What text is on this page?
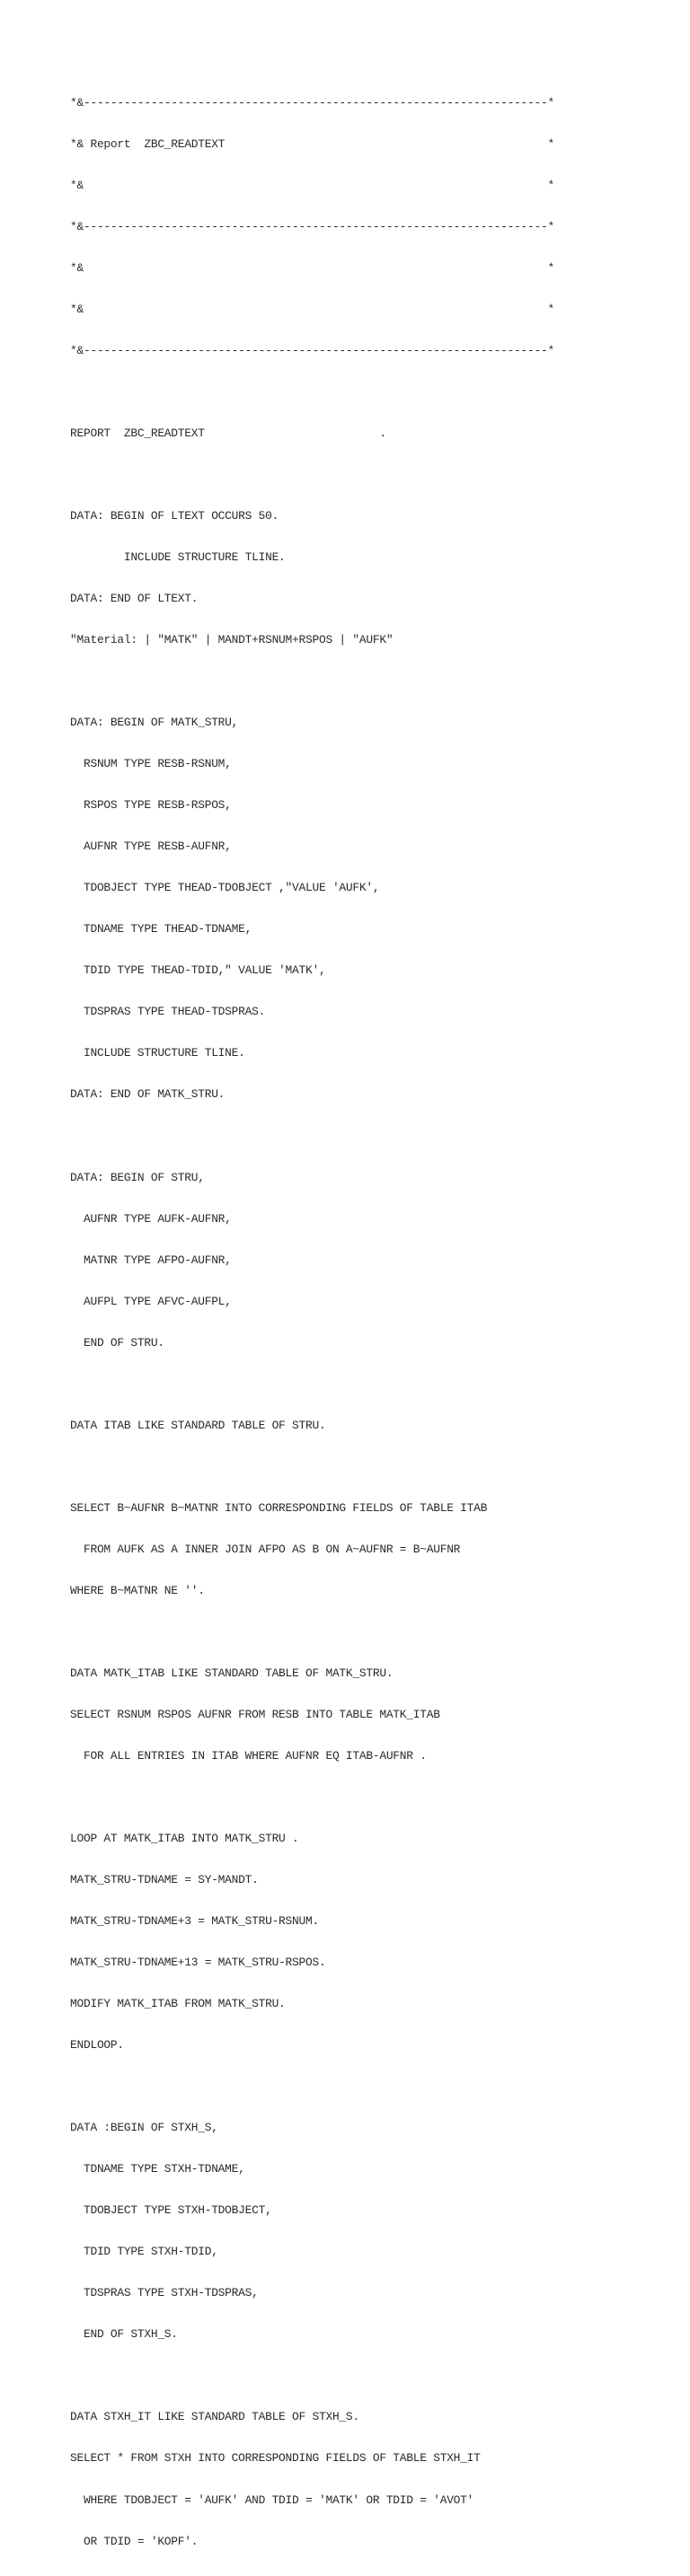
*&---------------------------------------------------------------------*

*& Report  ZBC_READTEXT                                                *

*&                                                                     *

*&---------------------------------------------------------------------*

*&                                                                     *

*&                                                                     *

*&---------------------------------------------------------------------*

REPORT  ZBC_READTEXT                          .

DATA: BEGIN OF LTEXT OCCURS 50.

INCLUDE STRUCTURE TLINE.

DATA: END OF LTEXT.

"Material: | "MATK" | MANDT+RSNUM+RSPOS | "AUFK"

DATA: BEGIN OF MATK_STRU,

RSNUM TYPE RESB-RSNUM,

RSPOS TYPE RESB-RSPOS,

AUFNR TYPE RESB-AUFNR,

TDOBJECT TYPE THEAD-TDOBJECT ,"VALUE 'AUFK',

TDNAME TYPE THEAD-TDNAME,

TDID TYPE THEAD-TDID," VALUE 'MATK',

TDSPRAS TYPE THEAD-TDSPRAS.

INCLUDE STRUCTURE TLINE.

DATA: END OF MATK_STRU.

DATA: BEGIN OF STRU,

AUFNR TYPE AUFK-AUFNR,

MATNR TYPE AFPO-AUFNR,

AUFPL TYPE AFVC-AUFPL,

END OF STRU.

DATA ITAB LIKE STANDARD TABLE OF STRU.

SELECT B~AUFNR B~MATNR INTO CORRESPONDING FIELDS OF TABLE ITAB

FROM AUFK AS A INNER JOIN AFPO AS B ON A~AUFNR = B~AUFNR

WHERE B~MATNR NE ''.

DATA MATK_ITAB LIKE STANDARD TABLE OF MATK_STRU.

SELECT RSNUM RSPOS AUFNR FROM RESB INTO TABLE MATK_ITAB

FOR ALL ENTRIES IN ITAB WHERE AUFNR EQ ITAB-AUFNR .

LOOP AT MATK_ITAB INTO MATK_STRU .

MATK_STRU-TDNAME = SY-MANDT.

MATK_STRU-TDNAME+3 = MATK_STRU-RSNUM.

MATK_STRU-TDNAME+13 = MATK_STRU-RSPOS.

MODIFY MATK_ITAB FROM MATK_STRU.

ENDLOOP.

DATA :BEGIN OF STXH_S,

TDNAME TYPE STXH-TDNAME,

TDOBJECT TYPE STXH-TDOBJECT,

TDID TYPE STXH-TDID,

TDSPRAS TYPE STXH-TDSPRAS,

END OF STXH_S.

DATA STXH_IT LIKE STANDARD TABLE OF STXH_S.

SELECT * FROM STXH INTO CORRESPONDING FIELDS OF TABLE STXH_IT

WHERE TDOBJECT = 'AUFK' AND TDID = 'MATK' OR TDID = 'AVOT'

OR TDID = 'KOPF'.
